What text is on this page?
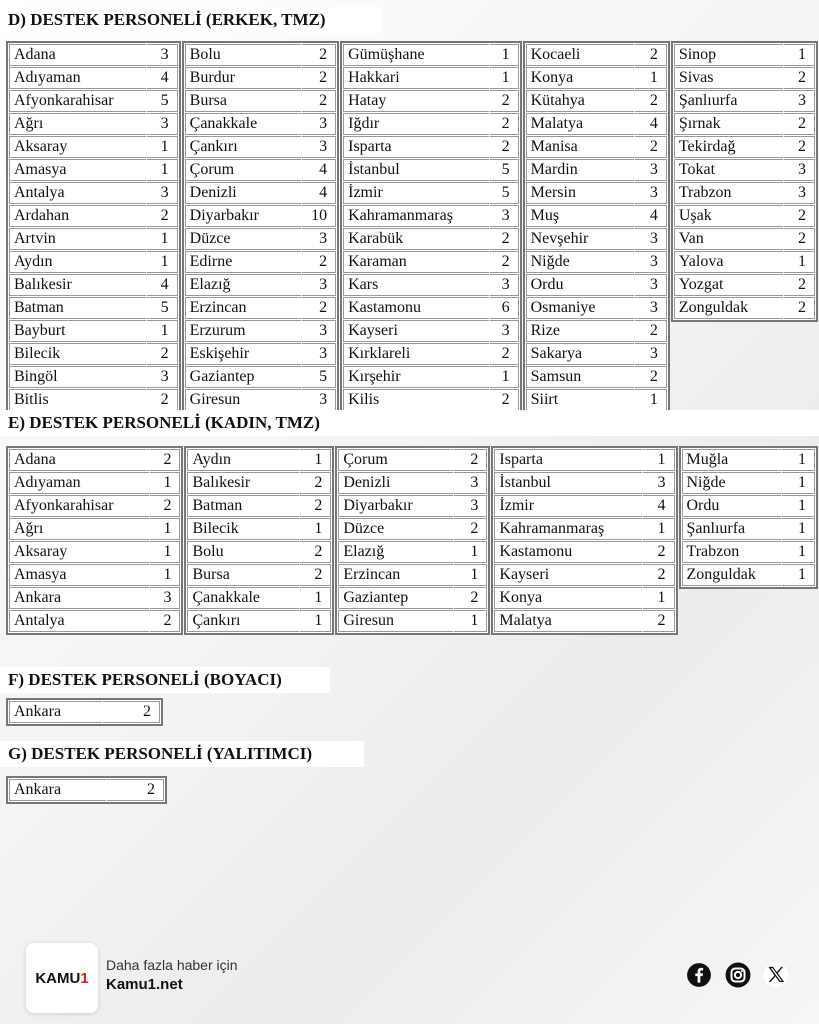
D) DESTEK PERSONELİ (ERKEK, TMZ)
Adana	3
Adıyaman	4
Afyonkarahisar	5
Ağrı	3
Aksaray	1
Amasya	1
Antalya	3
Ardahan	2
Artvin	1
Aydın	1
Balıkesir	4
Batman	5
Bayburt	1
Bilecik	2
Bingöl	3
Bitlis	2
Bolu	2
Burdur	2
Bursa	2
Çanakkale	3
Çankırı	3
Çorum	4
Denizli	4
Diyarbakır	10
Düzce	3
Edirne	2
Elazığ	3
Erzincan	2
Erzurum	3
Eskişehir	3
Gaziantep	5
Giresun	3
Gümüşhane	1
Hakkari	1
Hatay	2
Iğdır	2
Isparta	2
İstanbul	5
İzmir	5
Kahramanmaraş	3
Karabük	2
Karaman	2
Kars	3
Kastamonu	6
Kayseri	3
Kırklareli	2
Kırşehir	1
Kilis	2
Kocaeli	2
Konya	1
Kütahya	2
Malatya	4
Manisa	2
Mardin	3
Mersin	3
Muş	4
Nevşehir	3
Niğde	3
Ordu	3
Osmaniye	3
Rize	2
Sakarya	3
Samsun	2
Siirt	1
Sinop	1
Sivas	2
Şanlıurfa	3
Şırnak	2
Tekirdağ	2
Tokat	3
Trabzon	3
Uşak	2
Van	2
Yalova	1
Yozgat	2
Zonguldak	2
E) DESTEK PERSONELİ (KADIN, TMZ)
Adana	2
Adıyaman	1
Afyonkarahisar	2
Ağrı	1
Aksaray	1
Amasya	1
Ankara	3
Antalya	2
Aydın	1
Balıkesir	2
Batman	2
Bilecik	1
Bolu	2
Bursa	2
Çanakkale	1
Çankırı	1
Çorum	2
Denizli	3
Diyarbakır	3
Düzce	2
Elazığ	1
Erzincan	1
Gaziantep	2
Giresun	1
Isparta	1
İstanbul	3
İzmir	4
Kahramanmaraş	1
Kastamonu	2
Kayseri	2
Konya	1
Malatya	2
Muğla	1
Niğde	1
Ordu	1
Şanlıurfa	1
Trabzon	1
Zonguldak	1
F) DESTEK PERSONELİ (BOYACI)
Ankara	2
G) DESTEK PERSONELİ (YALITIMCI)
Ankara	2
KAMU 1
Daha fazla haber için
Kamu1.net
